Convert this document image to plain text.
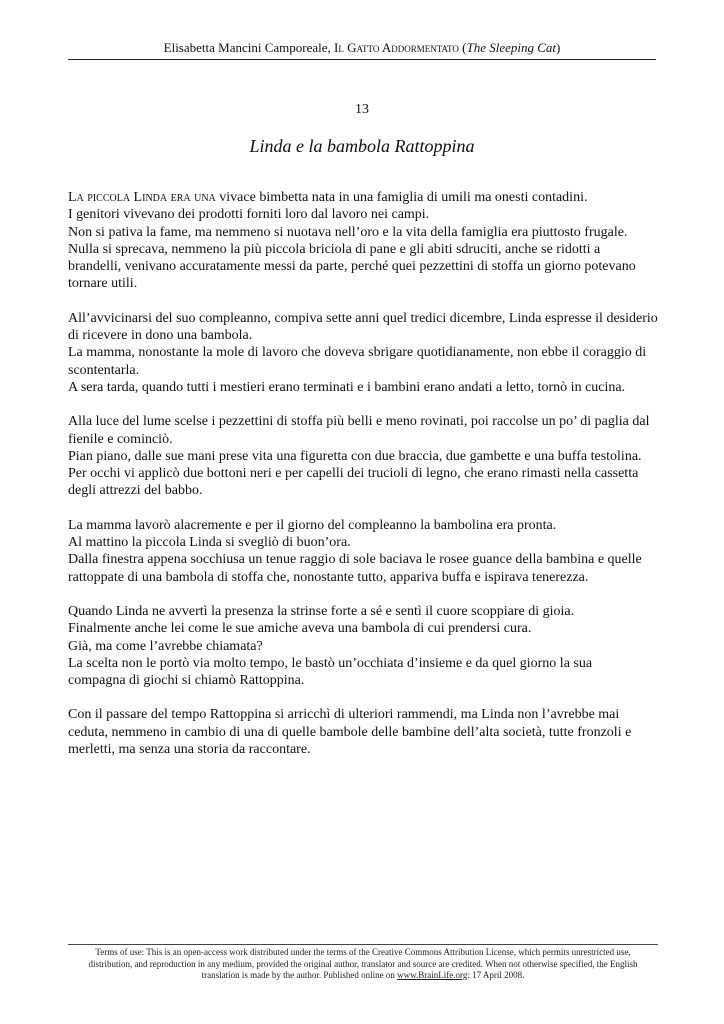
Elisabetta Mancini Camporeale, Il Gatto Addormentato (The Sleeping Cat)
13
Linda e la bambola Rattoppina
La piccola Linda era una vivace bimbetta nata in una famiglia di umili ma onesti contadini.
I genitori vivevano dei prodotti forniti loro dal lavoro nei campi.
Non si pativa la fame, ma nemmeno si nuotava nell’oro e la vita della famiglia era piuttosto frugale.
Nulla si sprecava, nemmeno la più piccola briciola di pane e gli abiti sdruciti, anche se ridotti a
brandelli, venivano accuratamente messi da parte, perché quei pezzettini di stoffa un giorno potevano
tornare utili.
All’avvicinarsi del suo compleanno, compiva sette anni quel tredici dicembre, Linda espresse il desiderio
di ricevere in dono una bambola.
La mamma, nonostante la mole di lavoro che doveva sbrigare quotidianamente, non ebbe il coraggio di
scontentarla.
A sera tarda, quando tutti i mestieri erano terminati e i bambini erano andati a letto, tornò in cucina.
Alla luce del lume scelse i pezzettini di stoffa più belli e meno rovinati, poi raccolse un po’ di paglia dal
fienile e cominciò.
Pian piano, dalle sue mani prese vita una figuretta con due braccia, due gambette e una buffa testolina.
Per occhi vi applicò due bottoni neri e per capelli dei trucioli di legno, che erano rimasti nella cassetta
degli attrezzi del babbo.
La mamma lavorò alacremente e per il giorno del compleanno la bambolina era pronta.
Al mattino la piccola Linda si svegliò di buon’ora.
Dalla finestra appena socchiusa un tenue raggio di sole baciava le rosee guance della bambina e quelle
rattoppate di una bambola di stoffa che, nonostante tutto, appariva buffa e ispirava tenerezza.
Quando Linda ne avvertì la presenza la strinse forte a sé e sentì il cuore scoppiare di gioia.
Finalmente anche lei come le sue amiche aveva una bambola di cui prendersi cura.
Già, ma come l’avrebbe chiamata?
La scelta non le portò via molto tempo, le bastò un’occhiata d’insieme e da quel giorno la sua
compagna di giochi si chiamò Rattoppina.
Con il passare del tempo Rattoppina si arricchì di ulteriori rammendi, ma Linda non l’avrebbe mai
ceduta, nemmeno in cambio di una di quelle bambole delle bambine dell’alta società, tutte fronzoli e
merletti, ma senza una storia da raccontare.
Terms of use: This is an open-access work distributed under the terms of the Creative Commons Attribution License, which permits unrestricted use,
distribution, and reproduction in any medium, provided the original author, translator and source are credited. When not otherwise specified, the English
translation is made by the author. Published online on www.BrainLife.org: 17 April 2008.
